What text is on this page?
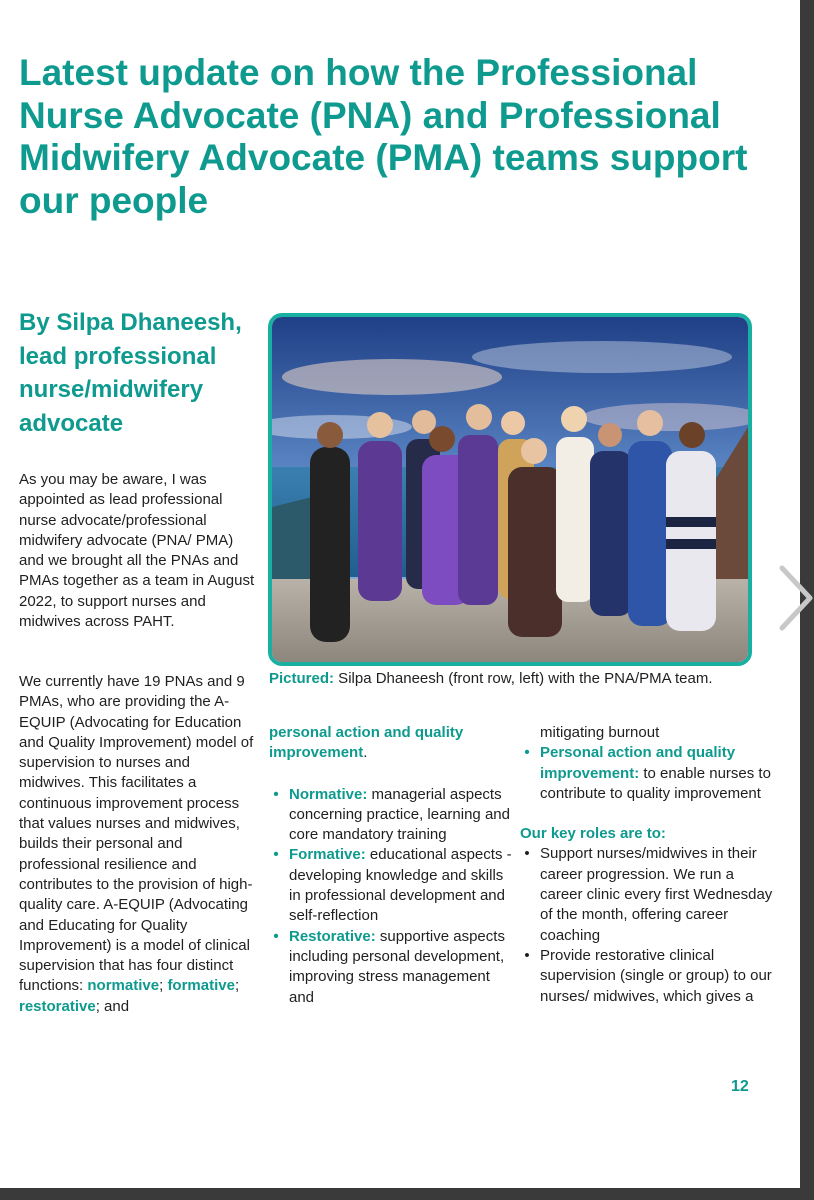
Latest update on how the Professional Nurse Advocate (PNA) and Professional Midwifery Advocate (PMA) teams support our people

By Silpa Dhaneesh, lead professional nurse/midwifery advocate

As you may be aware, I was appointed as lead professional nurse advocate/professional midwifery advocate (PNA/ PMA) and we brought all the PNAs and PMAs together as a team in August 2022, to support nurses and midwives across PAHT.

We currently have 19 PNAs and 9 PMAs, who are providing the A-EQUIP (Advocating for Education and Quality Improvement) model of supervision to nurses and midwives. This facilitates a continuous improvement process that values nurses and midwives, builds their personal and professional resilience and contributes to the provision of high-quality care. A-EQUIP (Advocating and Educating for Quality Improvement) is a model of clinical supervision that has four distinct functions: normative; formative; restorative; and

Pictured: Silpa Dhaneesh (front row, left) with the PNA/PMA team.

personal action and quality improvement.

• Normative: managerial aspects concerning practice, learning and core mandatory training
• Formative: educational aspects - developing knowledge and skills in professional development and self-reflection
• Restorative: supportive aspects including personal development, improving stress management and
mitigating burnout
• Personal action and quality improvement: to enable nurses to contribute to quality improvement

Our key roles are to:

• Support nurses/midwives in their career progression. We run a career clinic every first Wednesday of the month, offering career coaching
• Provide restorative clinical supervision (single or group) to our nurses/ midwives, which gives a
12
